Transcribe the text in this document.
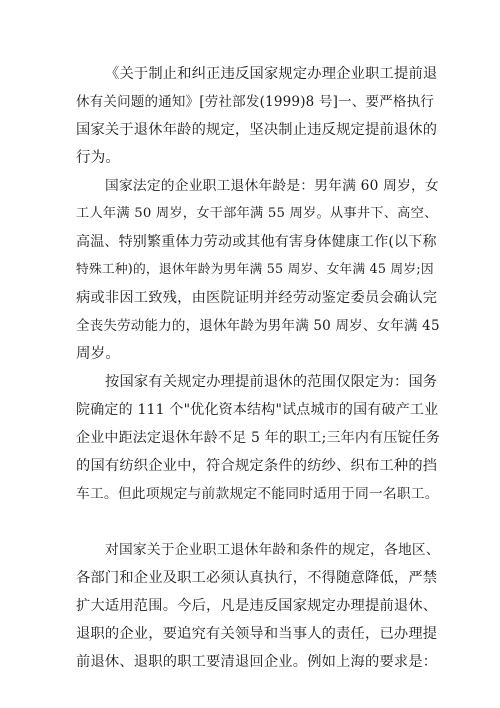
《关于制止和纠正违反国家规定办理企业职工提前退
休有关问题的通知》[劳社部发(1999)8 号]一、要严格执行
国家关于退休年龄的规定，坚决制止违反规定提前退休的
行为。
国家法定的企业职工退休年龄是：男年满 60 周岁，女
工人年满 50 周岁，女干部年满 55 周岁。从事井下、高空、
高温、特别繁重体力劳动或其他有害身体健康工作(以下称
特殊工种)的，退休年龄为男年满 55 周岁、女年满 45 周岁;因
病或非因工致残，由医院证明并经劳动鉴定委员会确认完
全丧失劳动能力的，退休年龄为男年满 50 周岁、女年满 45
周岁。
按国家有关规定办理提前退休的范围仅限定为：国务
院确定的 111 个"优化资本结构"试点城市的国有破产工业
企业中距法定退休年龄不足 5 年的职工;三年内有压锭任务
的国有纺织企业中，符合规定条件的纺纱、织布工种的挡
车工。但此项规定与前款规定不能同时适用于同一名职工。
对国家关于企业职工退休年龄和条件的规定，各地区、
各部门和企业及职工必须认真执行，不得随意降低，严禁
扩大适用范围。今后，凡是违反国家规定办理提前退休、
退职的企业，要追究有关领导和当事人的责任，已办理提
前退休、退职的职工要清退回企业。例如上海的要求是：
